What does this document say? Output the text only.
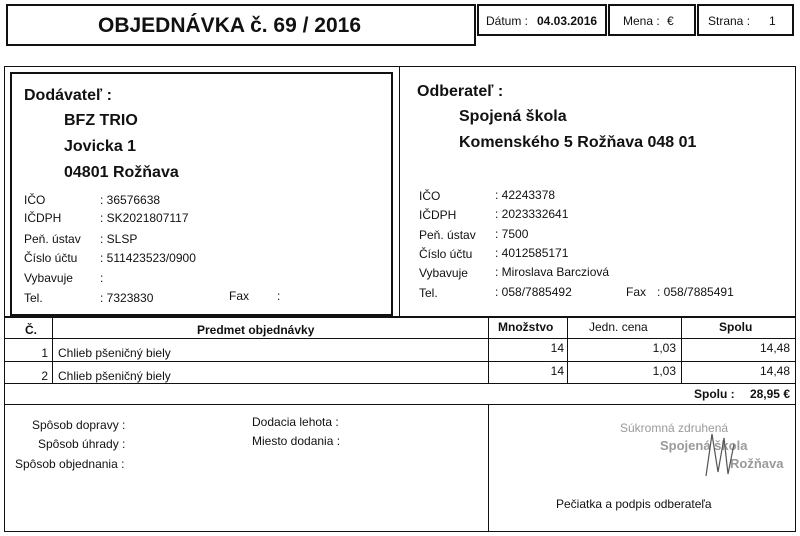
OBJEDNÁVKA č. 69 / 2016	Dátum : 04.03.2016 Mena : €	Strana : 1
Dodávateľ :
BFZ TRIO
Jovicka 1
04801 Rožňava
IČO	: 36576638
IČDPH	: SK2021807117
Peň. ústav : SLSP
Číslo účtu : 511423523/0900
Vybavuje :
Tel.	: 7323830	Fax :
Odberateľ :
Spojená škola
Komenského 5 Rožňava 048 01
IČO	: 42243378
IČDPH	: 2023332641
Peň. ústav : 7500
Číslo účtu : 4012585171
Vybavuje : Miroslava Barcziová
Tel.	: 058/7885492	Fax : 058/7885491
Č.	Predmet objednávky	Množstvo	Jedn. cena	Spolu
1 Chlieb pšeničný biely	14	1,03	14,48
2 Chlieb pšeničný biely	14	1,03	14,48
Spolu :	28,95 €
Spôsob dopravy :
Spôsob úhrady :
Spôsob objednania :
Dodacia lehota :
Miesto dodania :
Súkromná zdruhená
Spojená škola
Rožňava
Pečiatka a podpis odberateľa
